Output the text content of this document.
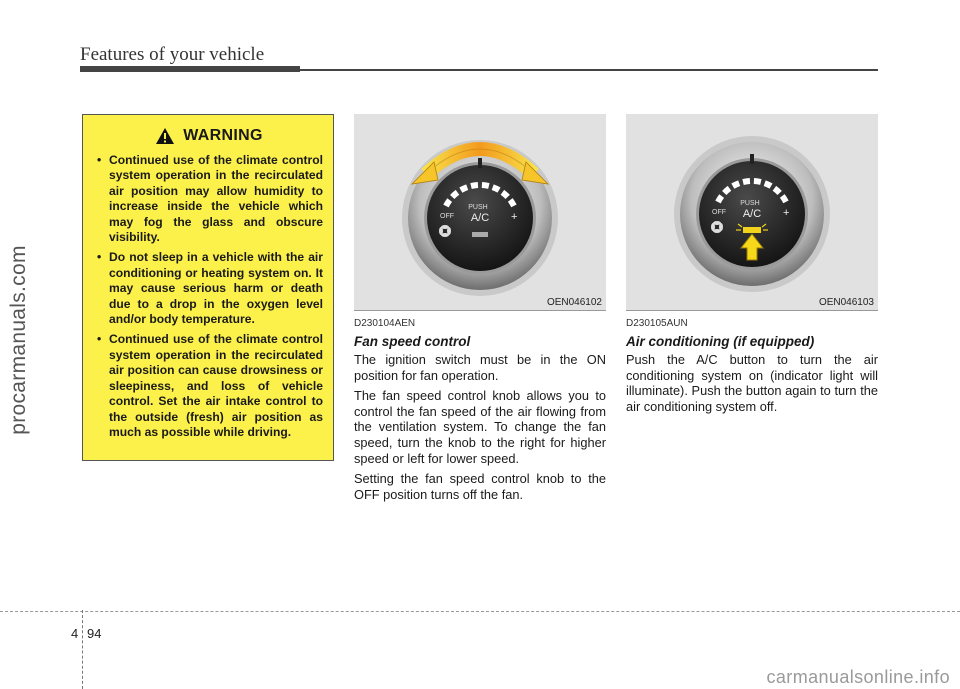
Features of your vehicle
procarmanuals.com
WARNING
• Continued use of the climate control system operation in the recirculated air position may allow humidity to increase inside the vehicle which may fog the glass and obscure visibility.
• Do not sleep in a vehicle with the air conditioning or heating system on. It may cause serious harm or death due to a drop in the oxygen level and/or body temperature.
• Continued use of the climate control system operation in the recirculated air position can cause drowsiness or sleepiness, and loss of vehicle control. Set the air intake control to the outside (fresh) air position as much as possible while driving.
PUSH
A/C
OFF	+
OEN046102
PUSH
A/C
OFF	+
OEN046103
D230104AEN
Fan speed control

The ignition switch must be in the ON position for fan operation.

The fan speed control knob allows you to control the fan speed of the air flowing from the ventilation system. To change the fan speed, turn the knob to the right for higher speed or left for lower speed.

Setting the fan speed control knob to the OFF position turns off the fan.

D230105AUN
Air conditioning (if equipped)

Push the A/C button to turn the air conditioning system on (indicator light will illuminate). Push the button again to turn the air conditioning system off.

4 94
carmanualsonline.info
